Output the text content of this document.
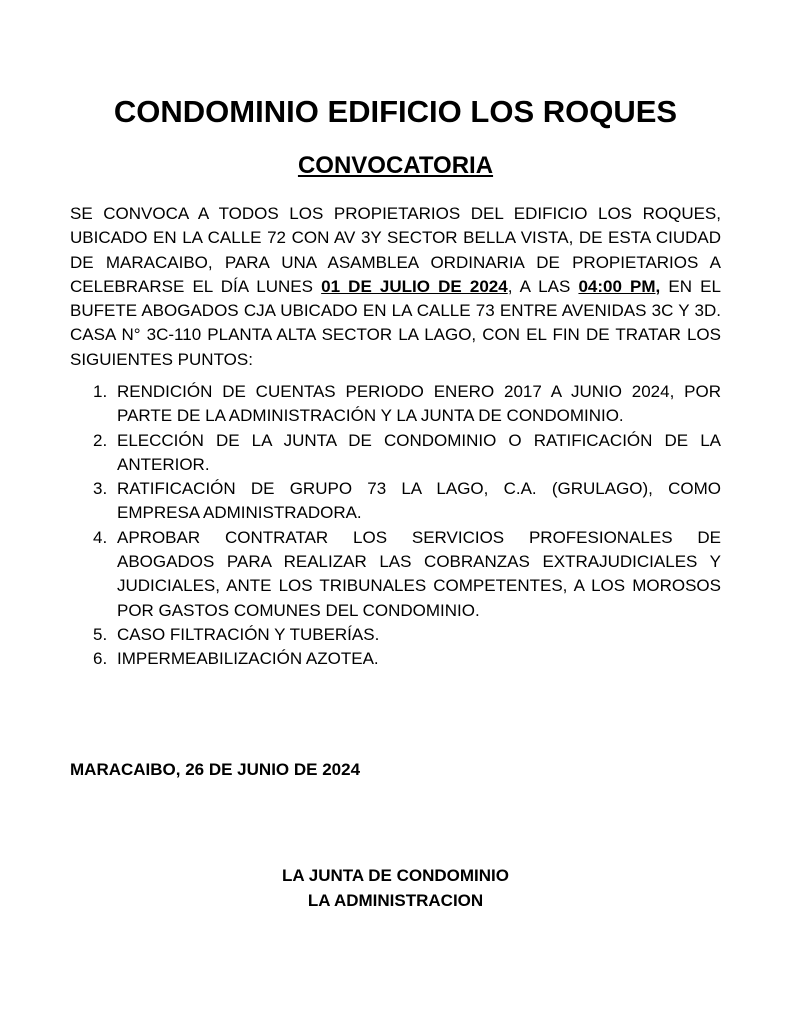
CONDOMINIO EDIFICIO LOS ROQUES
CONVOCATORIA

SE CONVOCA A TODOS LOS PROPIETARIOS DEL EDIFICIO LOS ROQUES, UBICADO EN LA CALLE 72 CON AV 3Y SECTOR BELLA VISTA, DE ESTA CIUDAD DE MARACAIBO, PARA UNA ASAMBLEA ORDINARIA DE PROPIETARIOS A CELEBRARSE EL DÍA LUNES 01 DE JULIO DE 2024, A LAS 04:00 PM, EN EL BUFETE ABOGADOS CJA UBICADO EN LA CALLE 73 ENTRE AVENIDAS 3C Y 3D. CASA N° 3C-110 PLANTA ALTA SECTOR LA LAGO, CON EL FIN DE TRATAR LOS SIGUIENTES PUNTOS:

1. RENDICIÓN DE CUENTAS PERIODO ENERO 2017 A JUNIO 2024, POR PARTE DE LA ADMINISTRACIÓN Y LA JUNTA DE CONDOMINIO.
2. ELECCIÓN DE LA JUNTA DE CONDOMINIO O RATIFICACIÓN DE LA ANTERIOR.
3. RATIFICACIÓN DE GRUPO 73 LA LAGO, C.A. (GRULAGO), COMO EMPRESA ADMINISTRADORA.
4. APROBAR CONTRATAR LOS SERVICIOS PROFESIONALES DE ABOGADOS PARA REALIZAR LAS COBRANZAS EXTRAJUDICIALES Y JUDICIALES, ANTE LOS TRIBUNALES COMPETENTES, A LOS MOROSOS POR GASTOS COMUNES DEL CONDOMINIO.
5. CASO FILTRACIÓN Y TUBERÍAS.
6. IMPERMEABILIZACIÓN AZOTEA.
MARACAIBO, 26 DE JUNIO DE 2024
LA JUNTA DE CONDOMINIO
LA ADMINISTRACION
